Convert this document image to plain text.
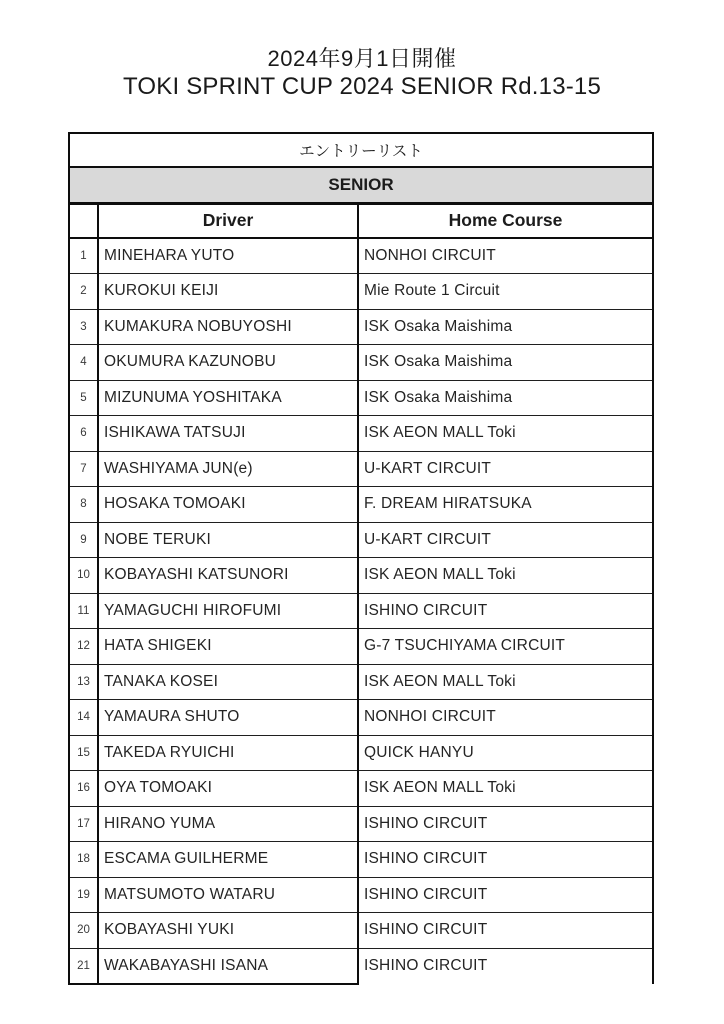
2024年9月1日開催
TOKI SPRINT CUP 2024 SENIOR Rd.13-15
エントリーリスト		
SENIOR		
	Driver	Home Course
1	MINEHARA YUTO	NONHOI CIRCUIT
2	KUROKUI KEIJI	Mie Route 1 Circuit
3	KUMAKURA NOBUYOSHI	ISK Osaka Maishima
4	OKUMURA KAZUNOBU	ISK Osaka Maishima
5	MIZUNUMA YOSHITAKA	ISK Osaka Maishima
6	ISHIKAWA TATSUJI	ISK AEON MALL Toki
7	WASHIYAMA JUN(e)	U-KART CIRCUIT
8	HOSAKA TOMOAKI	F. DREAM HIRATSUKA
9	NOBE TERUKI	U-KART CIRCUIT
10	KOBAYASHI KATSUNORI	ISK AEON MALL Toki
11	YAMAGUCHI HIROFUMI	ISHINO CIRCUIT
12	HATA SHIGEKI	G-7 TSUCHIYAMA CIRCUIT
13	TANAKA KOSEI	ISK AEON MALL Toki
14	YAMAURA SHUTO	NONHOI CIRCUIT
15	TAKEDA RYUICHI	QUICK HANYU
16	OYA TOMOAKI	ISK AEON MALL Toki
17	HIRANO YUMA	ISHINO CIRCUIT
18	ESCAMA GUILHERME	ISHINO CIRCUIT
19	MATSUMOTO WATARU	ISHINO CIRCUIT
20	KOBAYASHI YUKI	ISHINO CIRCUIT
21	WAKABAYASHI ISANA	ISHINO CIRCUIT
